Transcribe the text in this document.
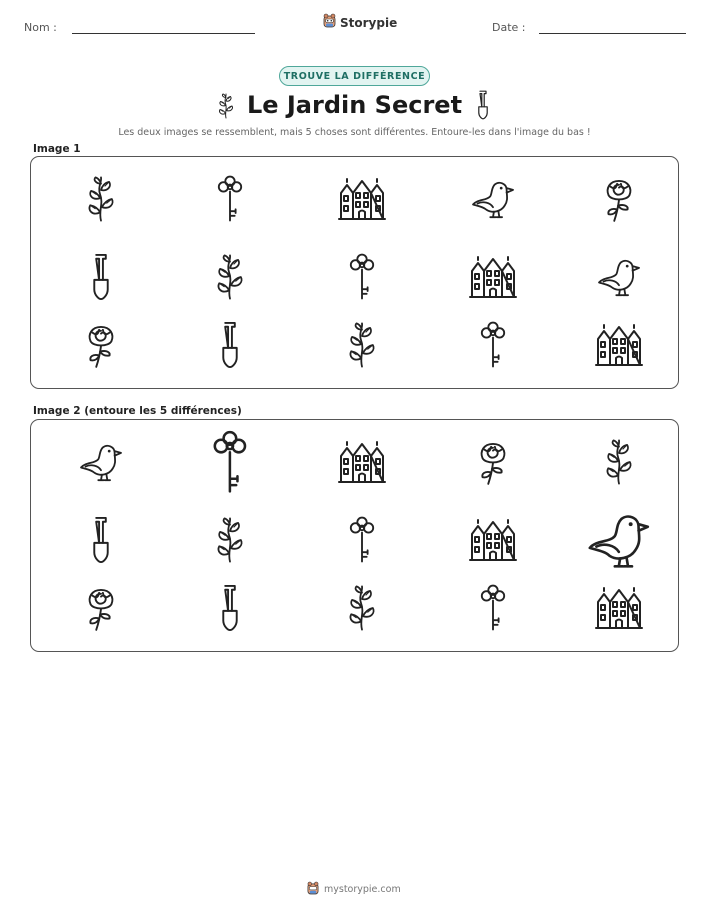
Nom :	Storypie	Date :
TROUVE LA DIFFÉRENCE
Le Jardin Secret
Les deux images se ressemblent, mais 5 choses sont différentes. Entoure-les dans l'image du bas !
Image 1
Image 2 (entoure les 5 différences)
mystorypie.com
